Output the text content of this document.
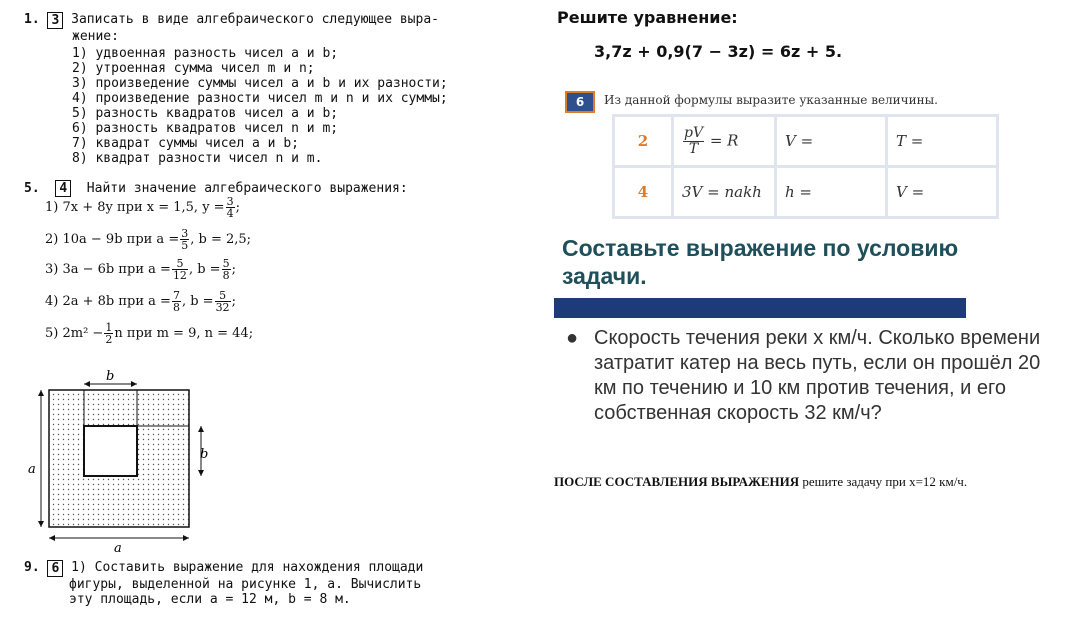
1.
3
Записать в виде алгебраического следующее выра-
жение:
1) удвоенная разность чисел a и b;
2) утроенная сумма чисел m и n;
3) произведение суммы чисел a и b и их разности;
4) произведение разности чисел m и n и их суммы;
5) разность квадратов чисел a и b;
6) разность квадратов чисел n и m;
7) квадрат суммы чисел a и b;
8) квадрат разности чисел n и m.
5. 4 Найти значение алгебраического выражения:
1) 7x + 8y при x = 1,5, $y = \frac{3}{4}$ ;
2) 10a − 9b при $a = \frac{3}{5}$ , b = 2,5;
3) 3a − 6b при $a = \frac{5}{12}$ , $b = \frac{5}{8}$ ;
4) 2a + 8b при $a = \frac{7}{8}$ , $b = \frac{5}{32}$ ;
5) $2m^2 - \frac{1}{2}$ n при m = 9, n = 44;
b
b
a
a
9.
6
1) Составить выражение для нахождения площади
фигуры, выделенной на рисунке 1, a. Вычислить
эту площадь, если a = 12 м, b = 8 м.
Решите уравнение:
3,7z + 0,9(7 − 3z) = 6z + 5.
6	Из данной формулы выразите указанные величины.
2	$\frac{pV}{T} = R$	V =	T =
4	3V = nakh	h =	V =
Составьте выражение по условию задачи.
● Скорость течения реки x км/ч. Сколько времени затратит катер на весь путь, если он прошёл 20 км по течению и 10 км против течения, и его собственная скорость 32 км/ч?
ПОСЛЕ СОСТАВЛЕНИЯ ВЫРАЖЕНИЯ решите задачу при x=12 км/ч.
